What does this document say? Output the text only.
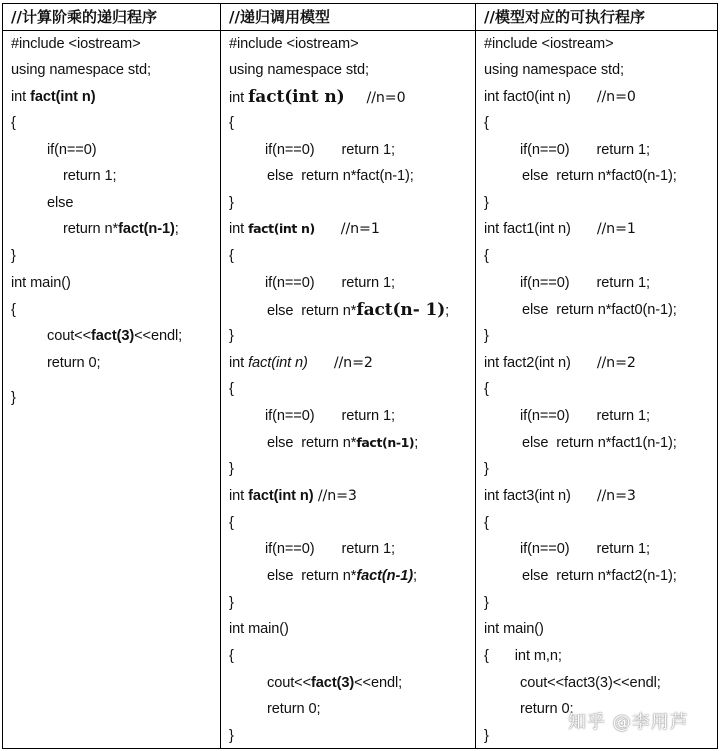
//计算阶乘的递归程序
#include <iostream>
using namespace std;
int fact(int n)
{
if(n==0)
return 1;
else
return n*fact(n-1);
}
int main()
{
cout<<fact(3)<<endl;
return 0;
}
//递归调用模型
#include <iostream>
using namespace std;
int fact(int n) //n=0
{
if(n==0) return 1;
else  return n*fact(n-1);
}
int fact(int n) //n=1
{
if(n==0) return 1;
else  return n*fact(n- 1);
}
int fact(int n) //n=2
{
if(n==0) return 1;
else  return n*fact(n-1);
}
int fact(int n) //n=3
{
if(n==0) return 1;
else  return n*fact(n-1);
}
int main()
{
cout<<fact(3)<<endl;
return 0;
}
//模型对应的可执行程序
#include <iostream>
using namespace std;
int fact0(int n) //n=0
{
if(n==0) return 1;
else  return n*fact0(n-1);
}
int fact1(int n) //n=1
{
if(n==0) return 1;
else  return n*fact0(n-1);
}
int fact2(int n) //n=2
{
if(n==0) return 1;
else  return n*fact1(n-1);
}
int fact3(int n) //n=3
{
if(n==0) return 1;
else  return n*fact2(n-1);
}
int main()
{ int m,n;
cout<<fact3(3)<<endl;
return 0;
}
知乎 @李用芦
